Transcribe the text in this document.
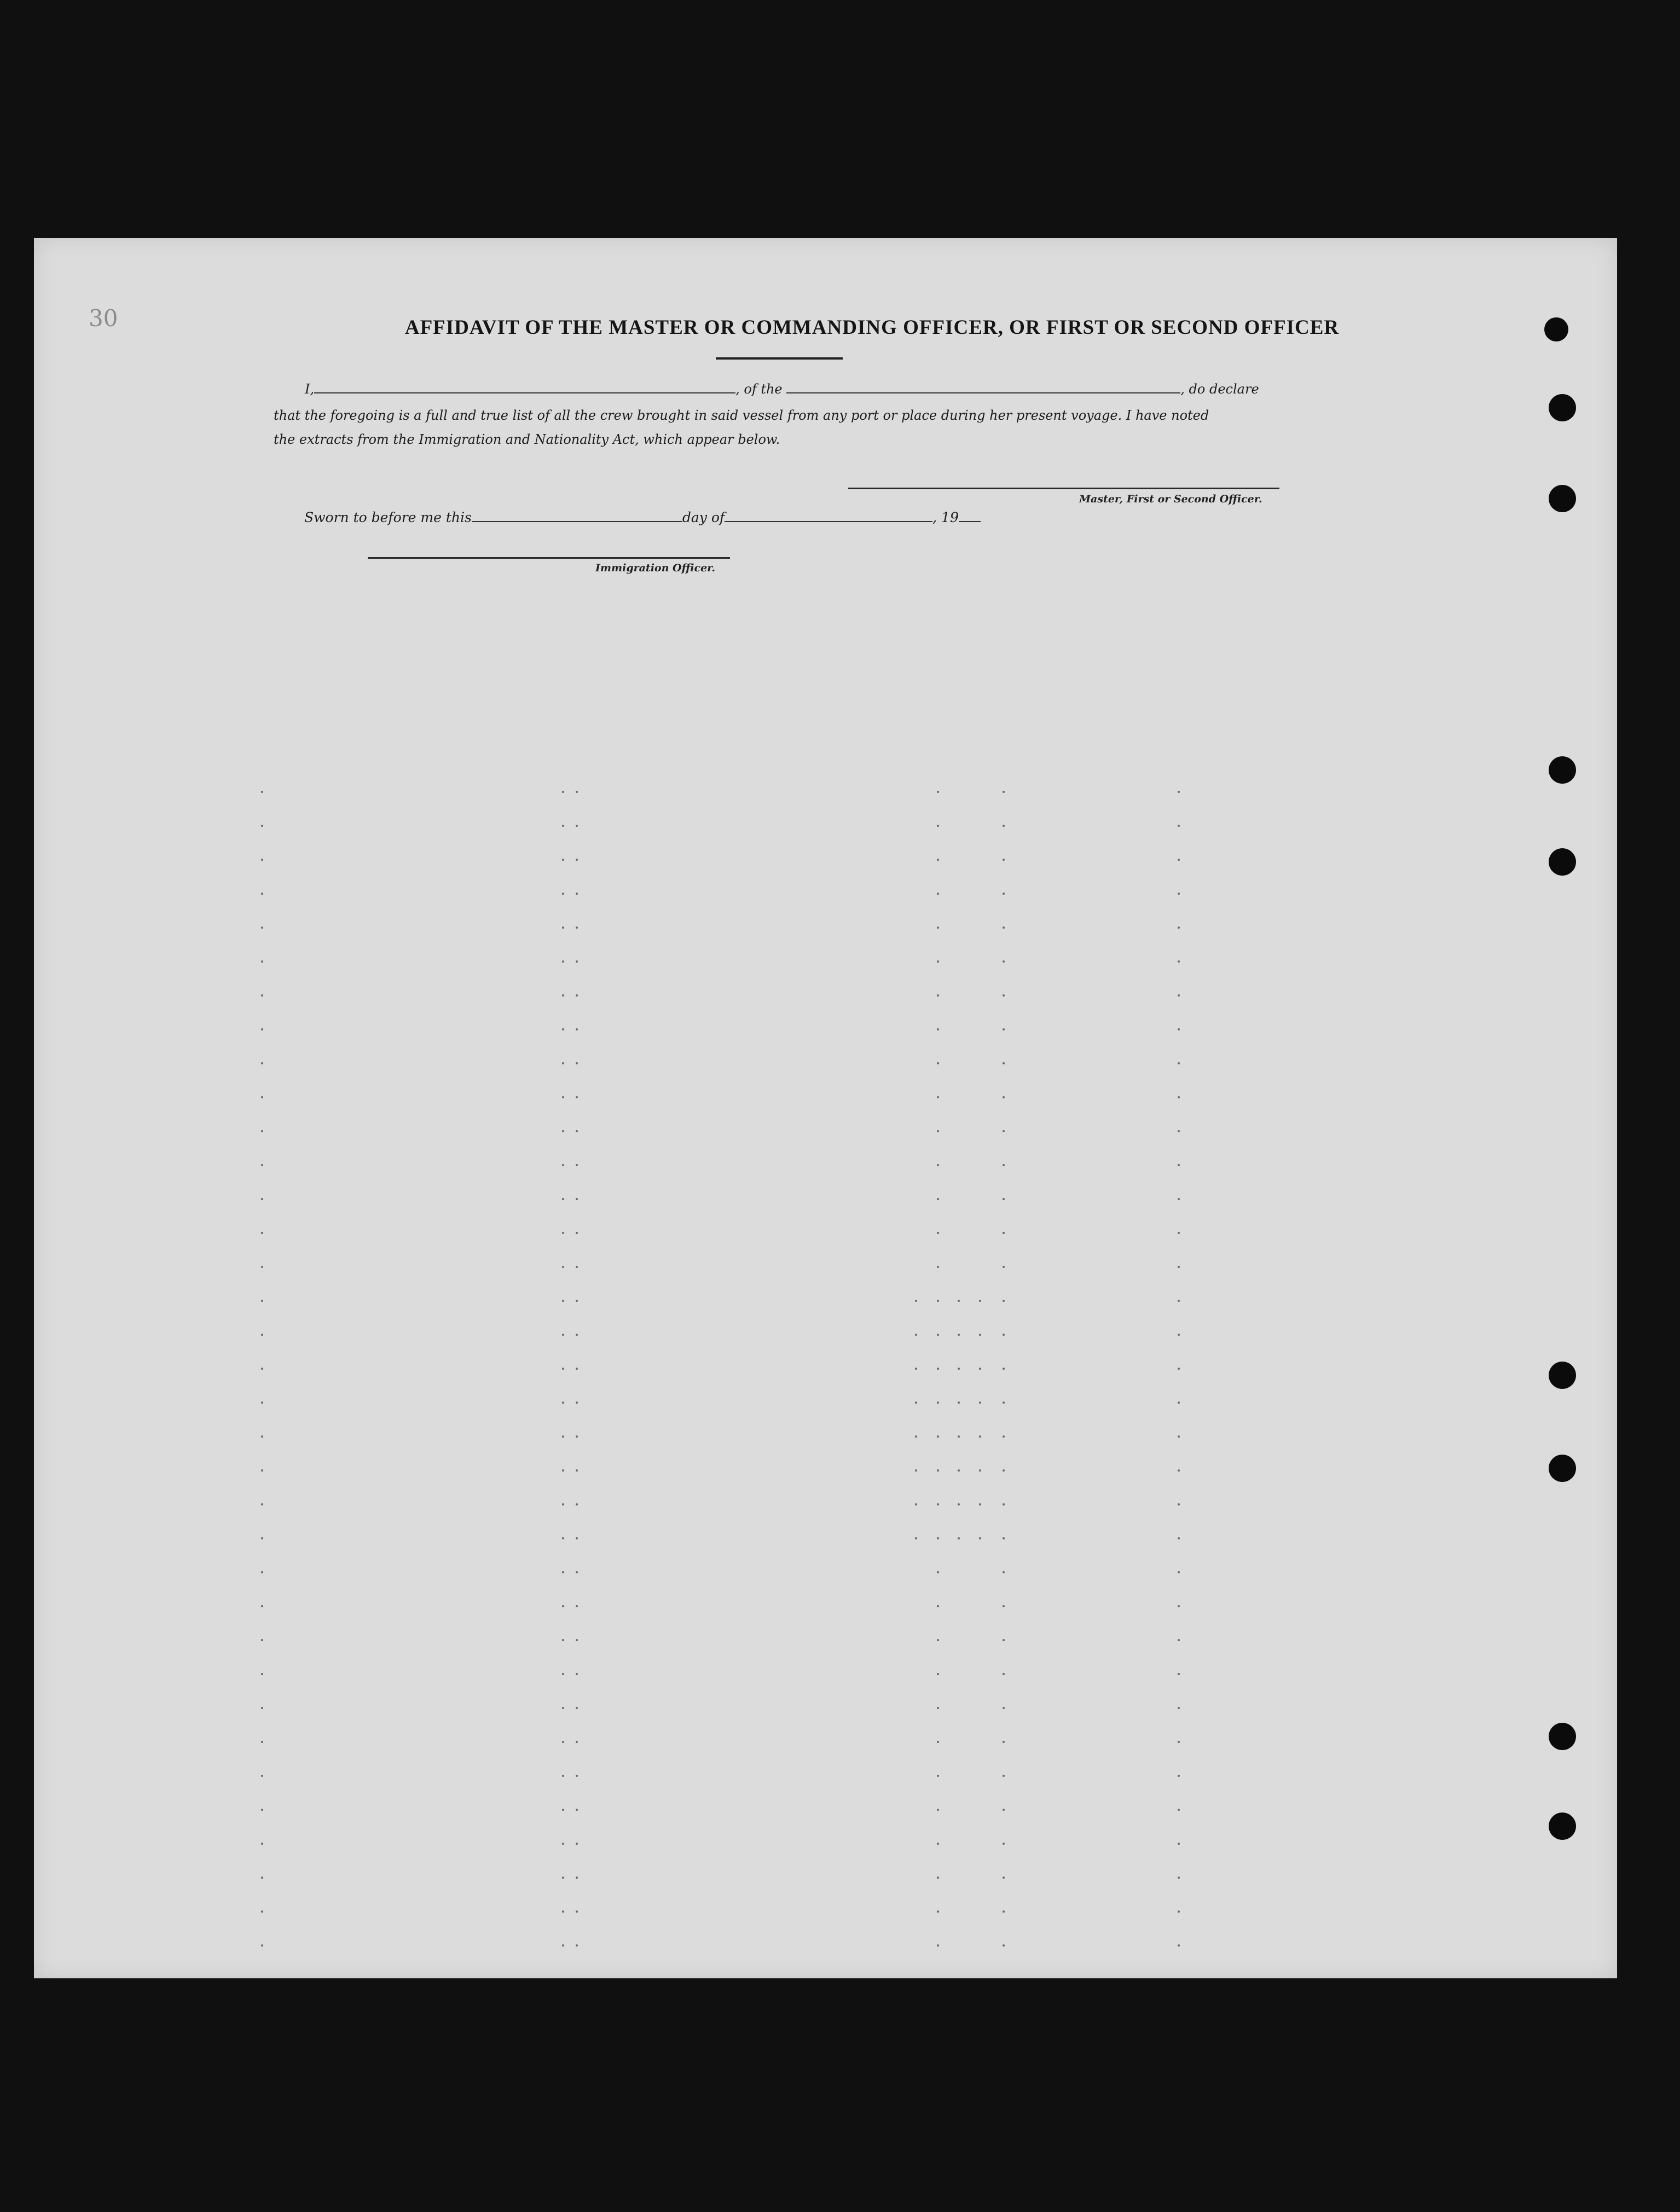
30	AFFIDAVIT OF THE MASTER OR COMMANDING OFFICER, OR FIRST OR SECOND OFFICER
I,	, of the	, do declare
that the foregoing is a full and true list of all the crew brought in said vessel from any port or place during her present voyage. I have noted
the extracts from the Immigration and Nationality Act, which appear below.
Master, First or Second Officer.
Sworn to before me this	day of	, 19
Immigration Officer.
